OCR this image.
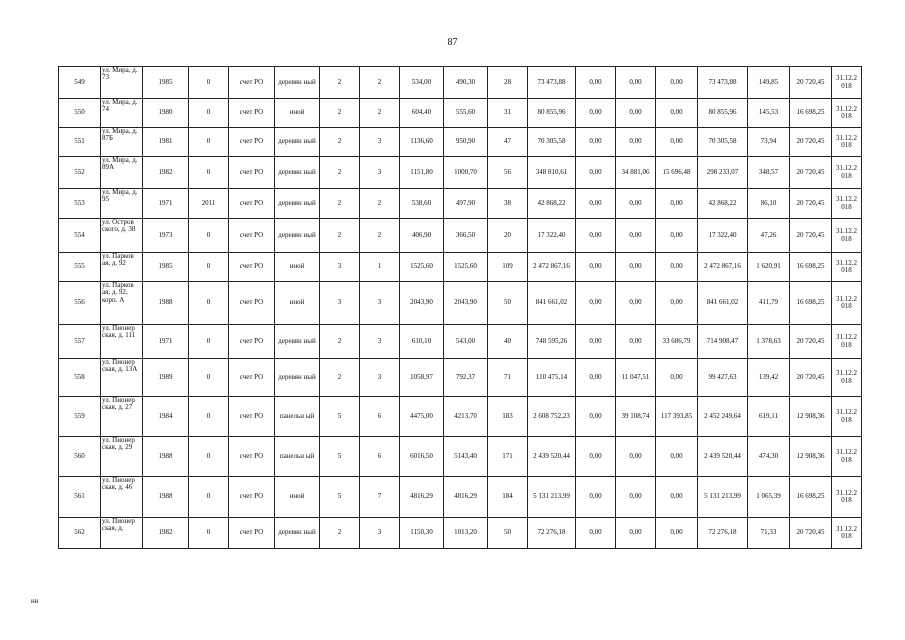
87
549	ул. Мира, д. 73	1985	0	счет РО	деревян ный	2	2	534,00	490,30	28	73 473,88	0,00	0,00	0,00	73 473,88	149,85	20 720,45	31.12.2 018
550	ул. Мира, д. 74	1980	0	счет РО	иной	2	2	604,40	555,60	31	80 855,96	0,00	0,00	0,00	80 855,96	145,53	16 698,25	31.12.2 018
551	ул. Мира, д. 87Б	1981	0	счет РО	деревян ный	2	3	1136,60	950,90	47	70 305,58	0,00	0,00	0,00	70 305,58	73,94	20 720,45	31.12.2 018
552	ул. Мира, д. 89А	1982	0	счет РО	деревян ный	2	3	1151,80	1000,70	56	348 810,61	0,00	34 881,06	15 696,48	298 233,07	348,57	20 720,45	31.12.2 018
553	ул. Мира, д. 95	1971	2011	счет РО	деревян ный	2	2	538,60	497,90	38	42 868,22	0,00	0,00	0,00	42 868,22	86,10	20 720,45	31.12.2 018
554	ул. Остров ского, д. 38	1973	0	счет РО	деревян ный	2	2	406,90	366,50	20	17 322,40	0,00	0,00	0,00	17 322,40	47,26	20 720,45	31.12.2 018
555	ул. Парков ая, д. 92	1985	0	счет РО	иной	3	1	1525,60	1525,60	109	2 472 867,16	0,00	0,00	0,00	2 472 867,16	1 620,91	16 698,25	31.12.2 018
556	ул. Парков ая, д. 92, корп. А	1988	0	счет РО	иной	3	3	2043,90	2043,90	50	841 661,02	0,00	0,00	0,00	841 661,02	411,79	16 698,25	31.12.2 018
557	ул. Пионер ская, д. 111	1971	0	счет РО	деревян ный	2	3	610,10	543,00	40	748 595,26	0,00	0,00	33 686,79	714 908,47	1 378,63	20 720,45	31.12.2 018
558	ул. Пионер ская, д. 13А	1989	0	счет РО	деревян ный	2	3	1058,97	792,37	71	110 475,14	0,00	11 047,51	0,00	99 427,63	139,42	20 720,45	31.12.2 018
559	ул. Пионер ская, д. 27	1984	0	счет РО	панельн ый	5	6	4475,00	4213,70	183	2 608 752,23	0,00	39 108,74	117 393,85	2 452 249,64	619,11	12 908,36	31.12.2 018
560	ул. Пионер ская, д. 29	1988	0	счет РО	панельн ый	5	6	6016,50	5143,40	171	2 439 520,44	0,00	0,00	0,00	2 439 520,44	474,30	12 908,36	31.12.2 018
561	ул. Пионер ская, д. 46	1988	0	счет РО	иной	5	7	4816,29	4816,29	184	5 131 213,99	0,00	0,00	0,00	5 131 213,99	1 065,39	16 698,25	31.12.2 018
562	ул. Пионер ская, д.	1982	0	счет РО	деревян ный	2	3	1150,30	1013,20	50	72 276,18	0,00	0,00	0,00	72 276,18	71,33	20 720,45	31.12.2 018
нн
